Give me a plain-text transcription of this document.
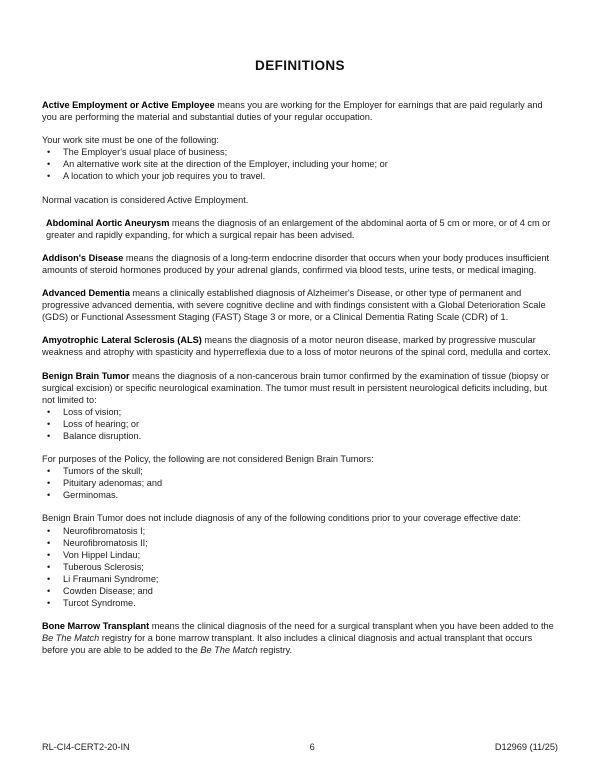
DEFINITIONS

Active Employment or Active Employee means you are working for the Employer for earnings that are paid regularly and you are performing the material and substantial duties of your regular occupation.

Your work site must be one of the following:

• The Employer's usual place of business;
• An alternative work site at the direction of the Employer, including your home; or
• A location to which your job requires you to travel.

Normal vacation is considered Active Employment.

Abdominal Aortic Aneurysm means the diagnosis of an enlargement of the abdominal aorta of 5 cm or more, or of 4 cm or greater and rapidly expanding, for which a surgical repair has been advised.

Addison's Disease means the diagnosis of a long-term endocrine disorder that occurs when your body produces insufficient amounts of steroid hormones produced by your adrenal glands, confirmed via blood tests, urine tests, or medical imaging.

Advanced Dementia means a clinically established diagnosis of Alzheimer's Disease, or other type of permanent and progressive advanced dementia, with severe cognitive decline and with findings consistent with a Global Deterioration Scale (GDS) or Functional Assessment Staging (FAST) Stage 3 or more, or a Clinical Dementia Rating Scale (CDR) of 1.

Amyotrophic Lateral Sclerosis (ALS) means the diagnosis of a motor neuron disease, marked by progressive muscular weakness and atrophy with spasticity and hyperreflexia due to a loss of motor neurons of the spinal cord, medulla and cortex.

Benign Brain Tumor means the diagnosis of a non-cancerous brain tumor confirmed by the examination of tissue (biopsy or surgical excision) or specific neurological examination. The tumor must result in persistent neurological deficits including, but not limited to:

• Loss of vision;
• Loss of hearing; or
• Balance disruption.

For purposes of the Policy, the following are not considered Benign Brain Tumors:

• Tumors of the skull;
• Pituitary adenomas; and
• Germinomas.

Benign Brain Tumor does not include diagnosis of any of the following conditions prior to your coverage effective date:

• Neurofibromatosis I;
• Neurofibromatosis II;
• Von Hippel Lindau;
• Tuberous Sclerosis;
• Li Fraumani Syndrome;
• Cowden Disease; and
• Turcot Syndrome.

Bone Marrow Transplant means the clinical diagnosis of the need for a surgical transplant when you have been added to the Be The Match registry for a bone marrow transplant. It also includes a clinical diagnosis and actual transplant that occurs before you are able to be added to the Be The Match registry.

RL-CI4-CERT2-20-IN	6	D12969 (11/25)
